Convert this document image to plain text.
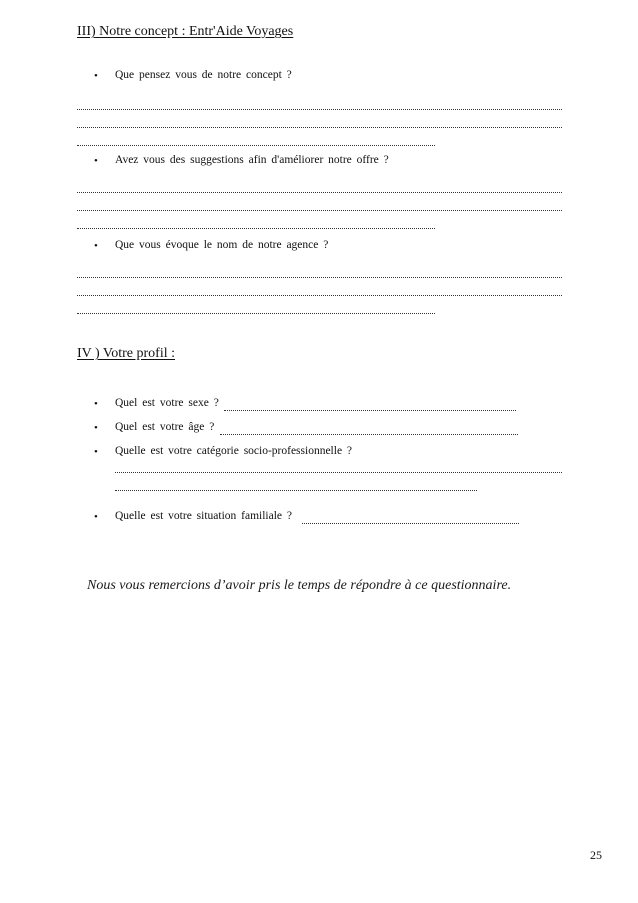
III) Notre concept : Entr'Aide Voyages
• Que pensez vous de notre concept ?
• Avez vous des suggestions afin d'améliorer notre offre ?
• Que vous évoque le nom de notre agence ?
IV ) Votre profil :
• Quel est votre sexe ?
• Quel est votre âge ?
• Quelle est votre catégorie socio-professionnelle ?
• Quelle est votre situation familiale ?
Nous vous remercions d’avoir pris le temps de répondre à ce questionnaire.
25
